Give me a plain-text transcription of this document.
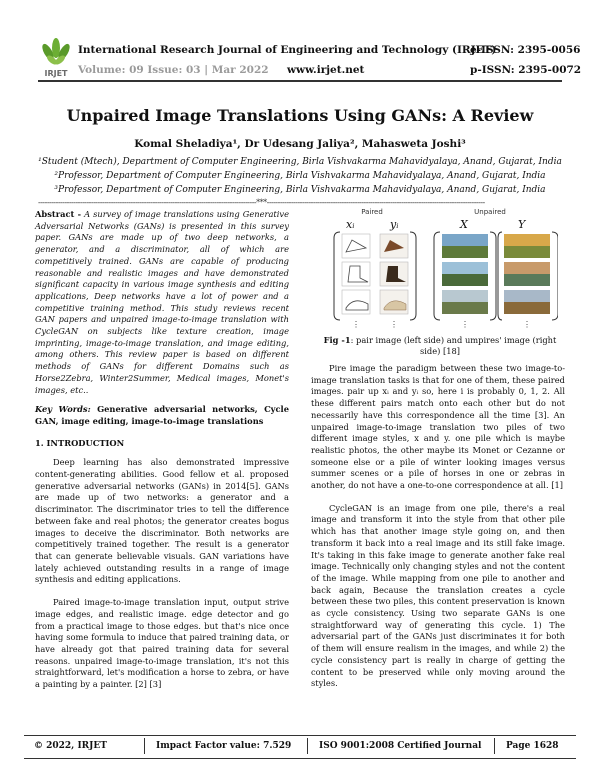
IRJET
International Research Journal of Engineering and Technology (IRJET)
Volume: 09 Issue: 03 | Mar 2022 www.irjet.net
e-ISSN: 2395-0056
p-ISSN: 2395-0072
Unpaired Image Translations Using GANs: A Review
Komal Sheladiya¹, Dr Udesang Jaliya², Mahasweta Joshi³
¹Student (Mtech), Department of Computer Engineering, Birla Vishvakarma Mahavidyalaya, Anand, Gujarat, India
²Professor, Department of Computer Engineering, Birla Vishvakarma Mahavidyalaya, Anand, Gujarat, India
³Professor, Department of Computer Engineering, Birla Vishvakarma Mahavidyalaya, Anand, Gujarat, India
---------------------------------------------------------------------------------------------------***---------------------------------------------------------------------------------------------------

Abstract - A survey of image translations using Generative Adversarial Networks (GANs) is presented in this survey paper. GANs are made up of two deep networks, a generator, and a discriminator, all of which are competitively trained. GANs are capable of producing reasonable and realistic images and have demonstrated significant capacity in various image synthesis and editing applications, Deep networks have a lot of power and a competitive training method. This study reviews recent GAN papers and unpaired image-to-image translation with CycleGAN on subjects like texture creation, image imprinting, image-to-image translation, and image editing, among others. This review paper is based on different methods of GANs for different Domains such as Horse2Zebra, Winter2Summer, Medical images, Monet's images, etc..

Key Words: Generative adversarial networks, Cycle GAN, image editing, image-to-image translations

1. INTRODUCTION

Deep learning has also demonstrated impressive content-generating abilities. Good fellow et al. proposed generative adversarial networks (GANs) in 2014[5]. GANs are made up of two networks: a generator and a discriminator. The discriminator tries to tell the difference between fake and real photos; the generator creates bogus images to deceive the discriminator. Both networks are competitively trained together. The result is a generator that can generate believable visuals. GAN variations have lately achieved outstanding results in a range of image synthesis and editing applications.

Paired image-to-image translation input, output strive image edges, and realistic image. edge detector and go from a practical image to those edges. but that's nice once having some formula to induce that paired training data, or have already got that paired training data for several reasons. unpaired image-to-image translation, it's not this straightforward, let's modification a horse to zebra, or have a painting by a painter. [2] [3]

Paired
xᵢ	yᵢ
⋮	⋮
Unpaired
X	Y
⋮	⋮
Fig -1: pair image (left side) and umpires' image (right side) [18]

Pire image the paradigm between these two image-to-image translation tasks is that for one of them, these paired images. pair up xᵢ and yᵢ so, here i is probably 0, 1, 2. All these different pairs match onto each other but do not necessarily have this correspondence all the time [3]. An unpaired image-to-image translation two piles of two different image styles, x and y. one pile which is maybe realistic photos, the other maybe its Monet or Cezanne or someone else or a pile of winter looking images versus summer scenes or a pile of horses in one or zebras in another, do not have a one-to-one correspondence at all. [1]

CycleGAN is an image from one pile, there's a real image and transform it into the style from that other pile which has that another image style going on, and then transform it back into a real image and its still fake image. It's taking in this fake image to generate another fake real image. Technically only changing styles and not the content of the image. While mapping from one pile to another and back again, Because the translation creates a cycle between these two piles, this content preservation is known as cycle consistency. Using two separate GANs is one straightforward way of generating this cycle. 1) The adversarial part of the GANs just discriminates it for both of them will ensure realism in the images, and while 2) the cycle consistency part is really in charge of getting the content to be preserved while only moving around the styles.

© 2022, IRJET	Impact Factor value: 7.529	ISO 9001:2008 Certified Journal	Page 1628
